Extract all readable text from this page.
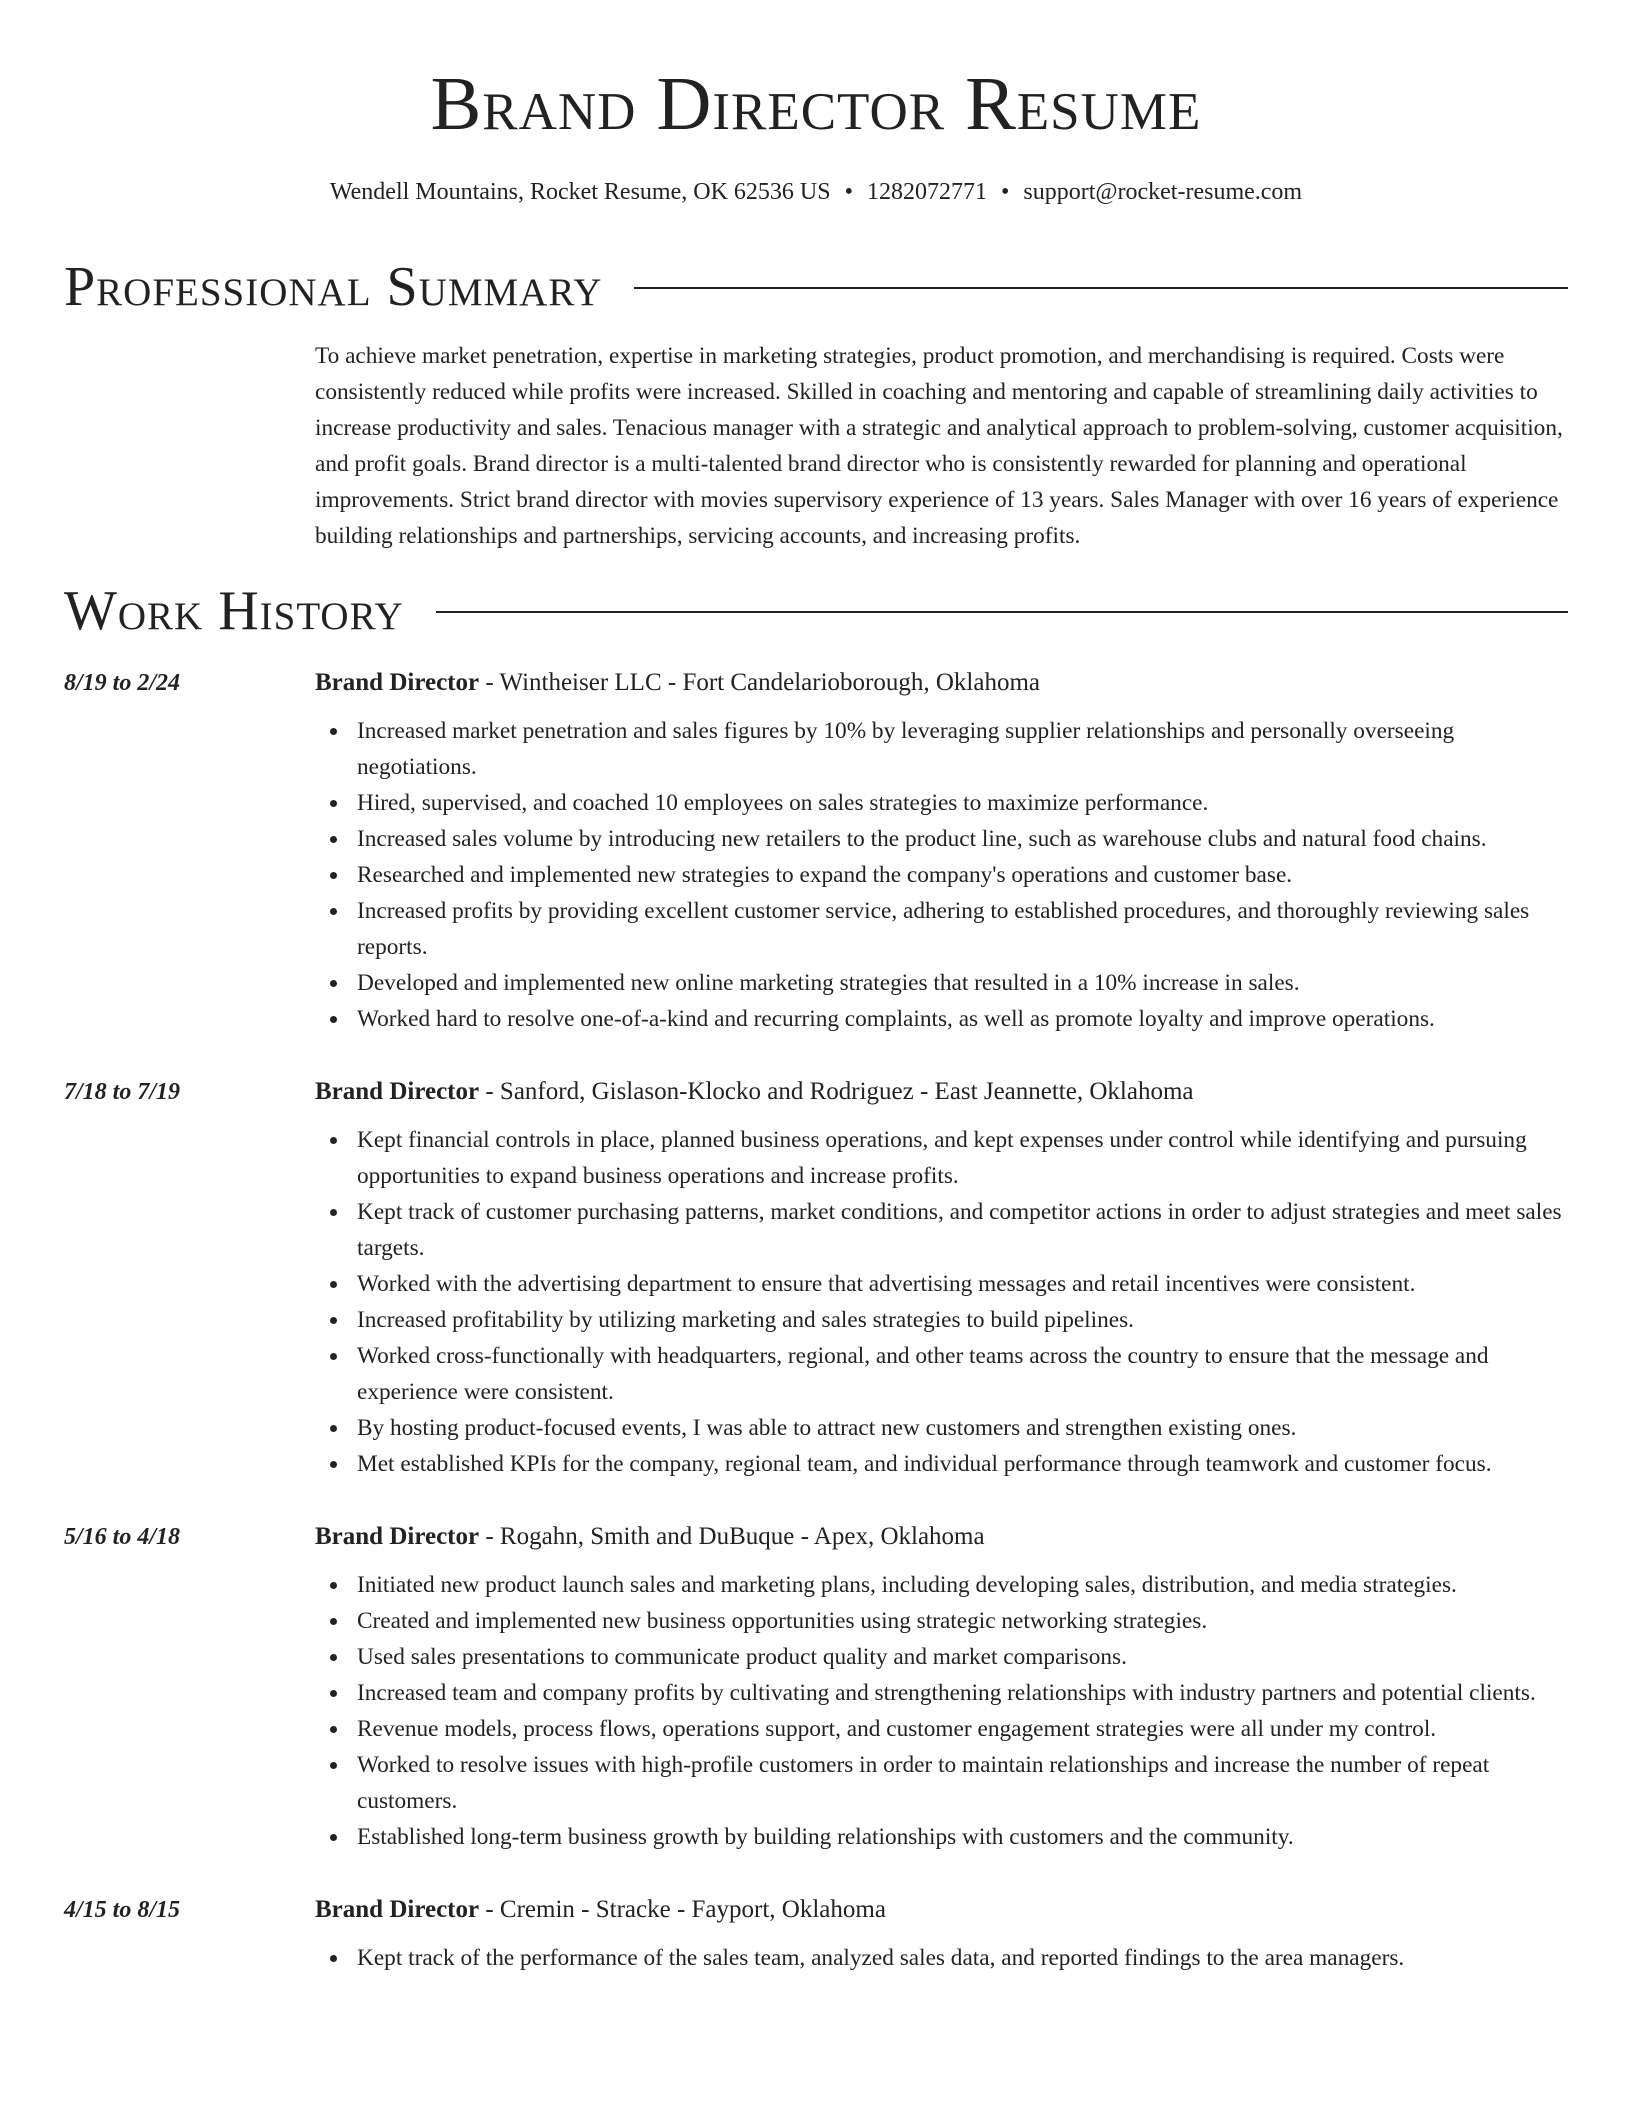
Brand Director Resume
Wendell Mountains, Rocket Resume, OK 62536 US • 1282072771 • support@rocket-resume.com
Professional Summary

To achieve market penetration, expertise in marketing strategies, product promotion, and merchandising is required. Costs were consistently reduced while profits were increased. Skilled in coaching and mentoring and capable of streamlining daily activities to increase productivity and sales. Tenacious manager with a strategic and analytical approach to problem-solving, customer acquisition, and profit goals. Brand director is a multi-talented brand director who is consistently rewarded for planning and operational improvements. Strict brand director with movies supervisory experience of 13 years. Sales Manager with over 16 years of experience building relationships and partnerships, servicing accounts, and increasing profits.

Work History
8/19 to 2/24	Brand Director - Wintheiser LLC - Fort Candelarioborough, Oklahoma
Increased market penetration and sales figures by 10% by leveraging supplier relationships and personally overseeing negotiations.
Hired, supervised, and coached 10 employees on sales strategies to maximize performance.
Increased sales volume by introducing new retailers to the product line, such as warehouse clubs and natural food chains.
Researched and implemented new strategies to expand the company's operations and customer base.
Increased profits by providing excellent customer service, adhering to established procedures, and thoroughly reviewing sales reports.
Developed and implemented new online marketing strategies that resulted in a 10% increase in sales.
Worked hard to resolve one-of-a-kind and recurring complaints, as well as promote loyalty and improve operations.
7/18 to 7/19	Brand Director - Sanford, Gislason-Klocko and Rodriguez - East Jeannette, Oklahoma
Kept financial controls in place, planned business operations, and kept expenses under control while identifying and pursuing opportunities to expand business operations and increase profits.
Kept track of customer purchasing patterns, market conditions, and competitor actions in order to adjust strategies and meet sales targets.
Worked with the advertising department to ensure that advertising messages and retail incentives were consistent.
Increased profitability by utilizing marketing and sales strategies to build pipelines.
Worked cross-functionally with headquarters, regional, and other teams across the country to ensure that the message and experience were consistent.
By hosting product-focused events, I was able to attract new customers and strengthen existing ones.
Met established KPIs for the company, regional team, and individual performance through teamwork and customer focus.
5/16 to 4/18	Brand Director - Rogahn, Smith and DuBuque - Apex, Oklahoma
Initiated new product launch sales and marketing plans, including developing sales, distribution, and media strategies.
Created and implemented new business opportunities using strategic networking strategies.
Used sales presentations to communicate product quality and market comparisons.
Increased team and company profits by cultivating and strengthening relationships with industry partners and potential clients.
Revenue models, process flows, operations support, and customer engagement strategies were all under my control.
Worked to resolve issues with high-profile customers in order to maintain relationships and increase the number of repeat customers.
Established long-term business growth by building relationships with customers and the community.
4/15 to 8/15	Brand Director - Cremin - Stracke - Fayport, Oklahoma
Kept track of the performance of the sales team, analyzed sales data, and reported findings to the area managers.
